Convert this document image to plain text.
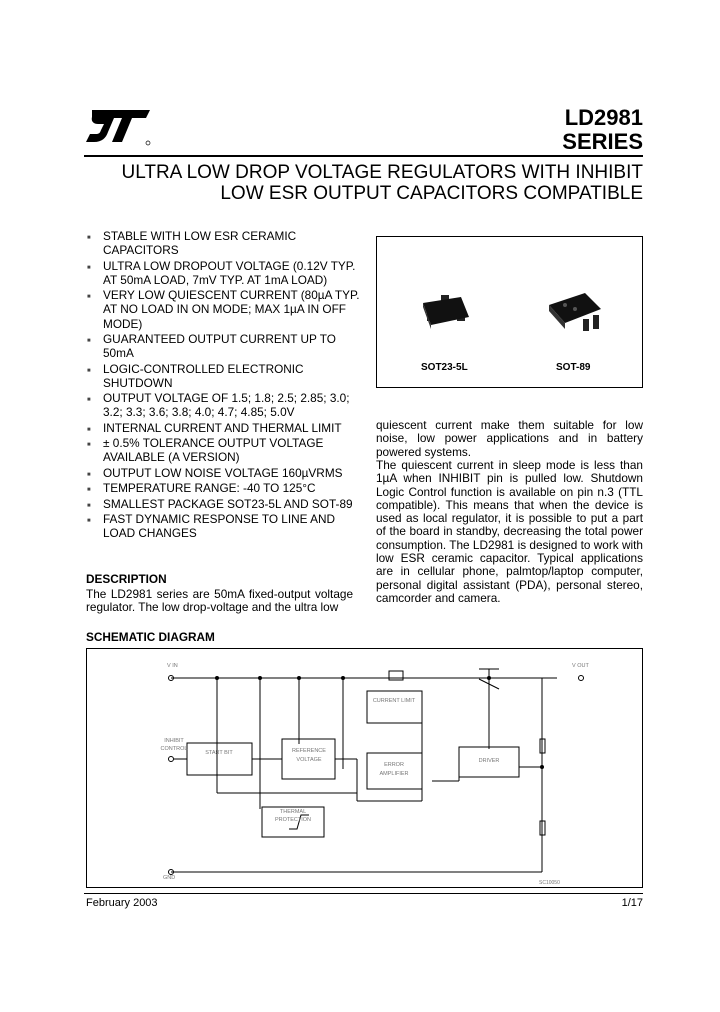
LD2981
SERIES
ULTRA LOW DROP VOLTAGE REGULATORS WITH INHIBIT
LOW ESR OUTPUT CAPACITORS COMPATIBLE
■ STABLE WITH LOW ESR CERAMIC CAPACITORS
■ ULTRA LOW DROPOUT VOLTAGE (0.12V TYP. AT 50mA LOAD, 7mV TYP. AT 1mA LOAD)
■ VERY LOW QUIESCENT CURRENT (80µA TYP. AT NO LOAD IN ON MODE; MAX 1µA IN OFF MODE)
■ GUARANTEED OUTPUT CURRENT UP TO 50mA
■ LOGIC-CONTROLLED ELECTRONIC SHUTDOWN
■ OUTPUT VOLTAGE OF 1.5; 1.8; 2.5; 2.85; 3.0; 3.2; 3.3; 3.6; 3.8; 4.0; 4.7; 4.85; 5.0V
■ INTERNAL CURRENT AND THERMAL LIMIT
■ ± 0.5% TOLERANCE OUTPUT VOLTAGE AVAILABLE (A VERSION)
■ OUTPUT LOW NOISE VOLTAGE 160µVRMS
■ TEMPERATURE RANGE: -40 TO 125°C
■ SMALLEST PACKAGE SOT23-5L AND SOT-89
■ FAST DYNAMIC RESPONSE TO LINE AND LOAD CHANGES
SOT23-5L	SOT-89
DESCRIPTION
The LD2981 series are 50mA fixed-output voltage regulator. The low drop-voltage and the ultra low
quiescent current make them suitable for low noise, low power applications and in battery powered systems.
The quiescent current in sleep mode is less than 1µA when INHIBIT pin is pulled low. Shutdown Logic Control function is available on pin n.3 (TTL compatible). This means that when the device is used as local regulator, it is possible to put a part of the board in standby, decreasing the total power consumption. The LD2981 is designed to work with low ESR ceramic capacitor. Typical applications are in cellular phone, palmtop/laptop computer, personal digital assistant (PDA), personal stereo, camcorder and camera.
SCHEMATIC DIAGRAM
V IN	V OUT
INHIBIT CONTROL
GND
START BIT	REFERENCE VOLTAGE
CURRENT LIMIT
ERROR AMPLIFIER
DRIVER
THERMAL PROTECTION
SC10050
February 2003	1/17
